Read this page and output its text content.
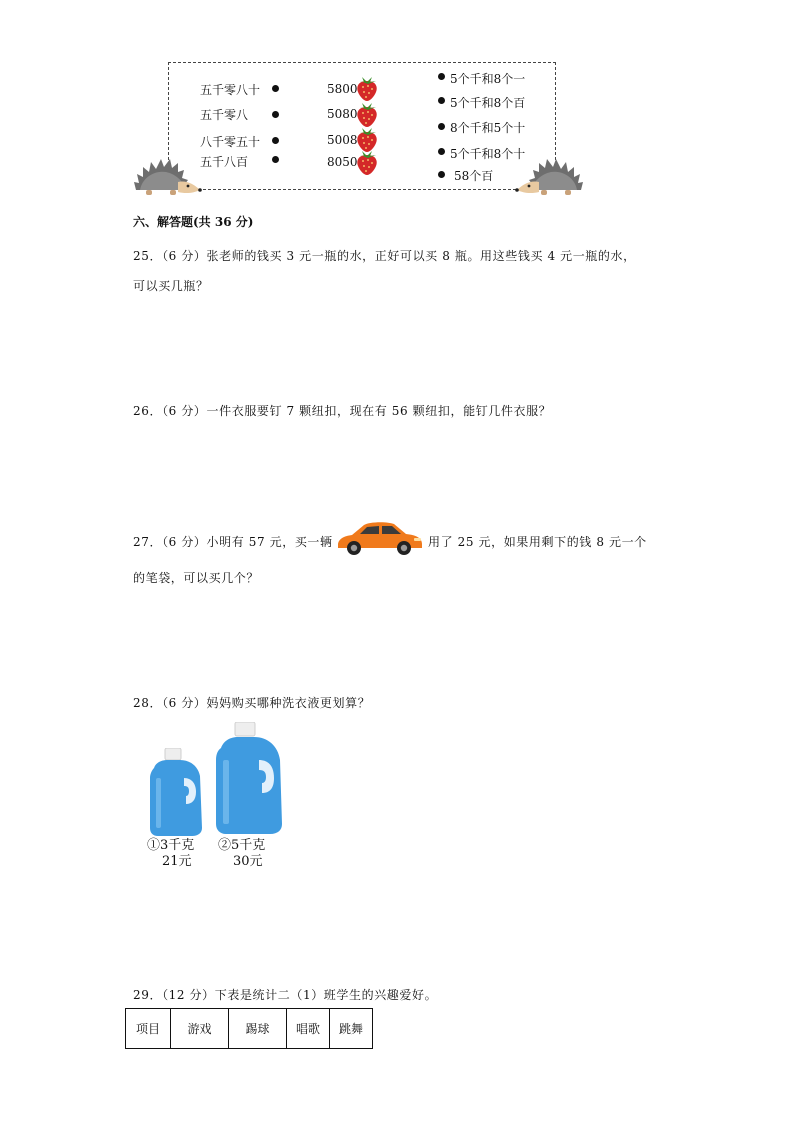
五千零八十
五千零八
八千零五十
五千八百
5800
5080
5008
8050
5个千和8个一
5个千和8个百
8个千和5个十
5个千和8个十
58个百
六、解答题(共 36 分)
25．（6 分）张老师的钱买 3 元一瓶的水，正好可以买 8 瓶。用这些钱买 4 元一瓶的水，
可以买几瓶？
26．（6 分）一件衣服要钉 7 颗纽扣，现在有 56 颗纽扣，能钉几件衣服？
27．（6 分）小明有 57 元，买一辆	用了 25 元，如果用剩下的钱 8 元一个
的笔袋，可以买几个？
28．（6 分）妈妈购买哪种洗衣液更划算？
①3千克
21元
②5千克
30元
29．（12 分）下表是统计二（1）班学生的兴趣爱好。
项目	游戏	踢球	唱歌	跳舞
